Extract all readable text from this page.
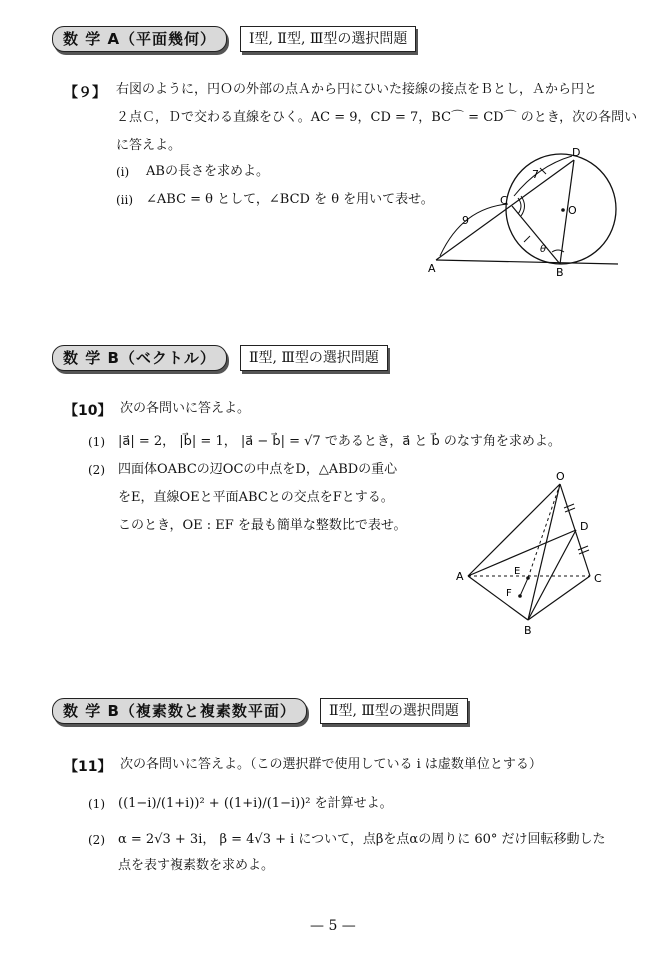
数 学 A（平面幾何）	Ⅰ型, Ⅱ型, Ⅲ型の選択問題
【９】 右図のように，円Ｏの外部の点Ａから円にひいた接線の接点をＢとし，Ａから円と
２点Ｃ，Ｄで交わる直線をひく。AC = 9，CD = 7，BC⌒ = CD⌒ のとき，次の各問い
に答えよ。
(i) ABの長さを求めよ。
(ii) ∠ABC = θ として，∠BCD を θ を用いて表せ。
A	B
C
D
O
9
7
θ
数 学 B（ベクトル）	Ⅱ型, Ⅲ型の選択問題
【10】 次の各問いに答えよ。
(1) |a⃗| = 2， |b⃗| = 1， |a⃗ − b⃗| = √7 であるとき，a⃗ と b⃗ のなす角を求めよ。
(2) 四面体OABCの辺OCの中点をD，△ABDの重心
をE，直線OEと平面ABCとの交点をFとする。
このとき，OE : EF を最も簡単な整数比で表せ。
O
A
B
C
D
E
F
数 学 B（複素数と複素数平面）	Ⅱ型, Ⅲ型の選択問題
【11】 次の各問いに答えよ。（この選択群で使用している i は虚数単位とする）
(1) ((1−i)/(1+i))² + ((1+i)/(1−i))² を計算せよ。
(2) α = 2√3 + 3i， β = 4√3 + i について，点βを点αの周りに 60° だけ回転移動した
点を表す複素数を求めよ。
— 5 —
